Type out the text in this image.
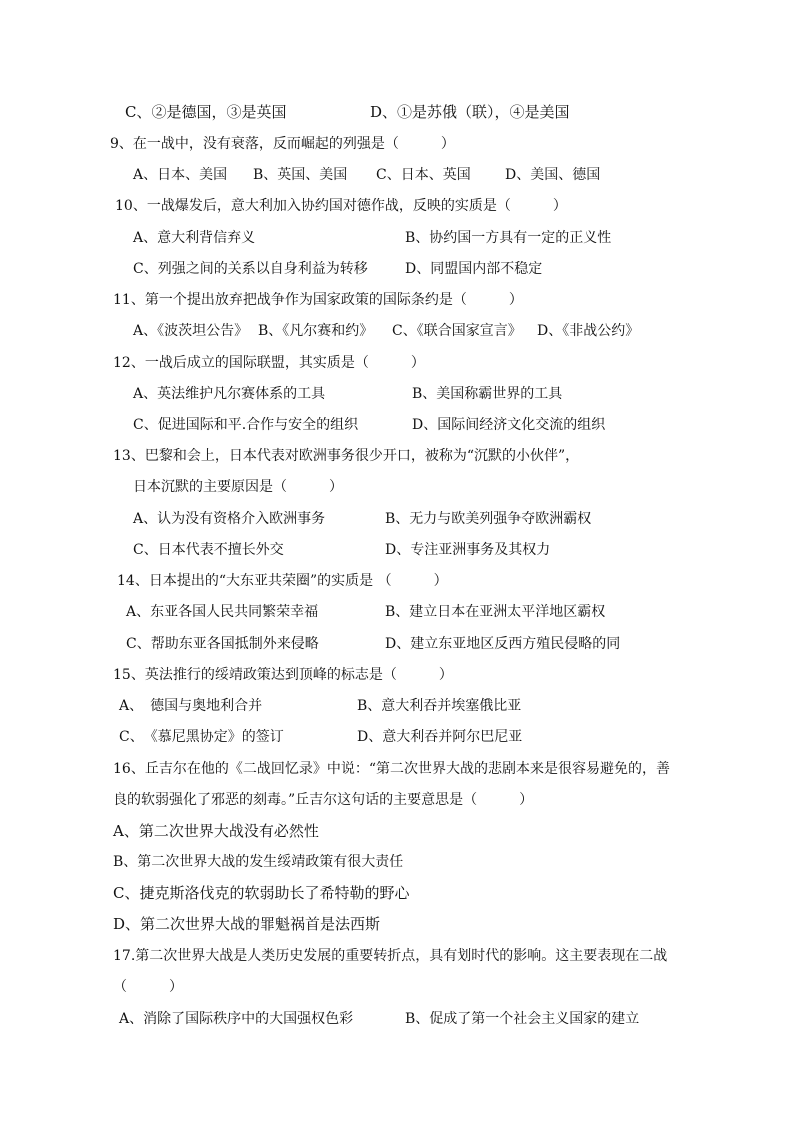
C、②是德国，③是英国	D、①是苏俄（联），④是美国
9、在一战中，没有衰落，反而崛起的列强是（　　　）
A、日本、美国 B、英国、美国 C、日本、英国 D、美国、德国
10、一战爆发后，意大利加入协约国对德作战，反映的实质是（　　　）
A、意大利背信弃义	B、协约国一方具有一定的正义性
C、列强之间的关系以自身利益为转移	D、同盟国内部不稳定
11、第一个提出放弃把战争作为国家政策的国际条约是（　　　）
A、《波茨坦公告》 B、《凡尔赛和约》 C、《联合国家宣言》 D、《非战公约》
12、一战后成立的国际联盟，其实质是（　　　）
A、英法维护凡尔赛体系的工具	B、美国称霸世界的工具
C、促进国际和平.合作与安全的组织	D、国际间经济文化交流的组织
13、巴黎和会上，日本代表对欧洲事务很少开口，被称为“沉默的小伙伴”，
日本沉默的主要原因是（　　　）
A、认为没有资格介入欧洲事务	B、无力与欧美列强争夺欧洲霸权
C、日本代表不擅长外交	D、专注亚洲事务及其权力
14、日本提出的“大东亚共荣圈”的实质是 （　　　）
A、东亚各国人民共同繁荣幸福	B、建立日本在亚洲太平洋地区霸权
C、帮助东亚各国抵制外来侵略	D、建立东亚地区反西方殖民侵略的同
15、英法推行的绥靖政策达到顶峰的标志是（　　　）
A、　德国与奥地利合并	B、意大利吞并埃塞俄比亚
C、　《慕尼黑协定》的签订	D、意大利吞并阿尔巴尼亚
16、丘吉尔在他的《二战回忆录》中说：“第二次世界大战的悲剧本来是很容易避免的，善
良的软弱强化了邪恶的刻毒。”丘吉尔这句话的主要意思是（　　　）
A、第二次世界大战没有必然性
B、第二次世界大战的发生绥靖政策有很大责任
C、捷克斯洛伐克的软弱助长了希特勒的野心
D、第二次世界大战的罪魁祸首是法西斯
17.第二次世界大战是人类历史发展的重要转折点，具有划时代的影响。这主要表现在二战
（　　　）
A、消除了国际秩序中的大国强权色彩	B、促成了第一个社会主义国家的建立
